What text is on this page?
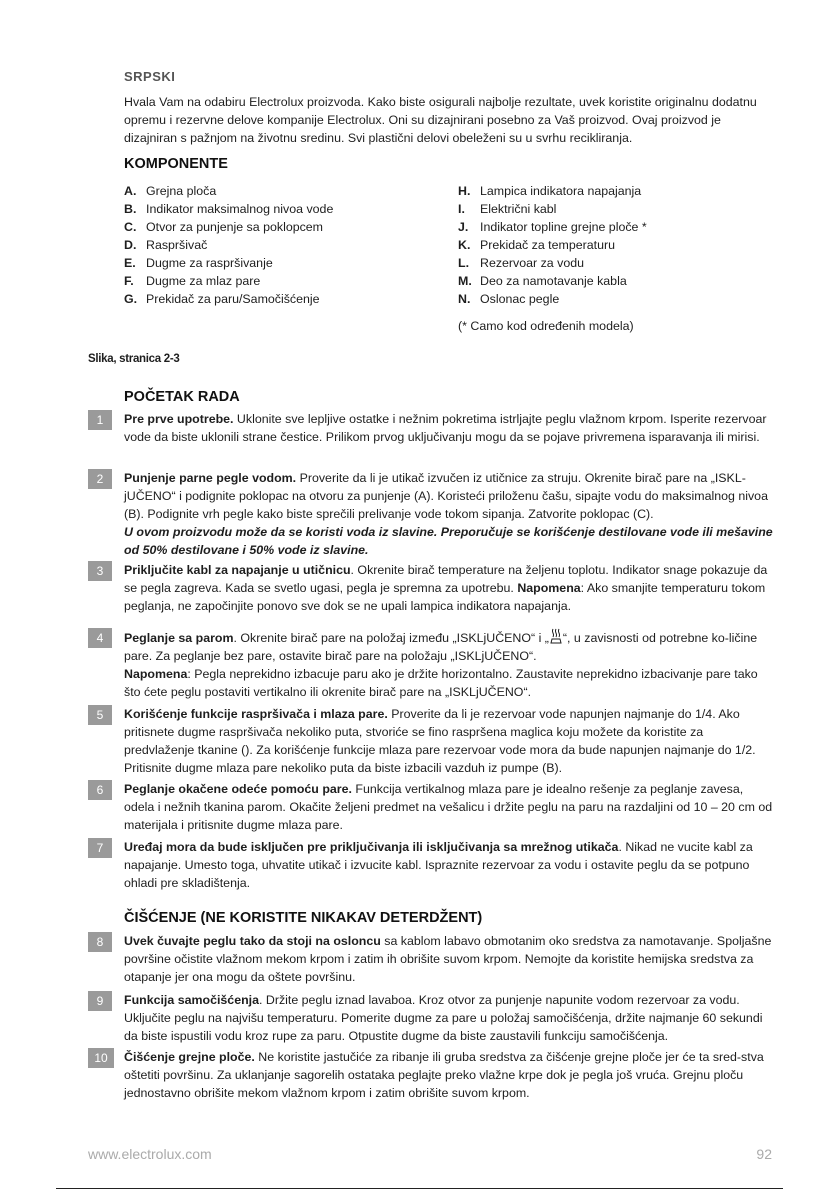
SRPSKI
Hvala Vam na odabiru Electrolux proizvoda. Kako biste osigurali najbolje rezultate, uvek koristite originalnu dodatnu opremu i rezervne delove kompanije Electrolux. Oni su dizajnirani posebno za Vaš proizvod. Ovaj proizvod je dizajniran s pažnjom na životnu sredinu. Svi plastični delovi obeleženi su u svrhu recikliranja.
KOMPONENTE
A. Grejna ploča
B. Indikator maksimalnog nivoa vode
C. Otvor za punjenje sa poklopcem
D. Raspršivač
E. Dugme za raspršivanje
F. Dugme za mlaz pare
G. Prekidač za paru/Samočišćenje
H. Lampica indikatora napajanja
I.	Električni kabl
J. Indikator topline grejne ploče *
K. Prekidač za temperaturu
L. Rezervoar za vodu
M. Deo za namotavanje kabla
N. Oslonac pegle
(* Camo kod određenih modela)
Slika, stranica 2-3
POČETAK RADA
1	Pre prve upotrebe. Uklonite sve lepljive ostatke i nežnim pokretima istrljajte peglu vlažnom krpom. Isperite rezervoar vode da biste uklonili strane čestice. Prilikom prvog uključivanju mogu da se pojave privremena isparavanja ili mirisi.
2	Punjenje parne pegle vodom. Proverite da li je utikač izvučen iz utičnice za struju. Okrenite birač pare na „ISKL-jUČENO“ i podignite poklopac na otvoru za punjenje (A). Koristeći priloženu čašu, sipajte vodu do maksimalnog nivoa (B). Podignite vrh pegle kako biste sprečili prelivanje vode tokom sipanja. Zatvorite poklopac (C).
U ovom proizvodu može da se koristi voda iz slavine. Preporučuje se korišćenje destilovane vode ili mešavine od 50% destilovane i 50% vode iz slavine.
3	Priključite kabl za napajanje u utičnicu. Okrenite birač temperature na željenu toplotu. Indikator snage pokazuje da se pegla zagreva. Kada se svetlo ugasi, pegla je spremna za upotrebu. Napomena: Ako smanjite temperaturu tokom peglanja, ne započinjite ponovo sve dok se ne upali lampica indikatora napajanja.
4	Peglanje sa parom. Okrenite birač pare na položaj između „ISKLjUČENO“ i „ “, u zavisnosti od potrebne ko-ličine pare. Za peglanje bez pare, ostavite birač pare na položaju „ISKLjUČENO“.
Napomena: Pegla neprekidno izbacuje paru ako je držite horizontalno. Zaustavite neprekidno izbacivanje pare tako što ćete peglu postaviti vertikalno ili okrenite birač pare na „ISKLjUČENO“.
5	Korišćenje funkcije raspršivača i mlaza pare. Proverite da li je rezervoar vode napunjen najmanje do 1/4. Ako pritisnete dugme raspršivača nekoliko puta, stvoriće se fino raspršena maglica koju možete da koristite za predvlaženje tkanine (). Za korišćenje funkcije mlaza pare rezervoar vode mora da bude napunjen najmanje do 1/2. Pritisnite dugme mlaza pare nekoliko puta da biste izbacili vazduh iz pumpe (B).
6	Peglanje okačene odeće pomoću pare. Funkcija vertikalnog mlaza pare je idealno rešenje za peglanje zavesa, odela i nežnih tkanina parom. Okačite željeni predmet na vešalicu i držite peglu na paru na razdaljini od 10 – 20 cm od materijala i pritisnite dugme mlaza pare.
7	Uređaj mora da bude isključen pre priključivanja ili isključivanja sa mrežnog utikača. Nikad ne vucite kabl za napajanje. Umesto toga, uhvatite utikač i izvucite kabl. Ispraznite rezervoar za vodu i ostavite peglu da se potpuno ohladi pre skladištenja.
ČIŠĆENJE (NE KORISTITE NIKAKAV DETERDŽENT)
8	Uvek čuvajte peglu tako da stoji na osloncu sa kablom labavo obmotanim oko sredstva za namotavanje. Spoljašne površine očistite vlažnom mekom krpom i zatim ih obrišite suvom krpom. Nemojte da koristite hemijska sredstva za otapanje jer ona mogu da oštete površinu.
9	Funkcija samočišćenja. Držite peglu iznad lavaboa. Kroz otvor za punjenje napunite vodom rezervoar za vodu. Uključite peglu na najvišu temperaturu. Pomerite dugme za pare u položaj samočišćenja, držite najmanje 60 sekundi da biste ispustili vodu kroz rupe za paru. Otpustite dugme da biste zaustavili funkciju samočišćenja.
10	Čišćenje grejne ploče. Ne koristite jastučiće za ribanje ili gruba sredstva za čišćenje grejne ploče jer će ta sred-stva oštetiti površinu. Za uklanjanje sagorelih ostataka peglajte preko vlažne krpe dok je pegla još vruća. Grejnu ploču jednostavno obrišite mekom vlažnom krpom i zatim obrišite suvom krpom.
www.electrolux.com	92
